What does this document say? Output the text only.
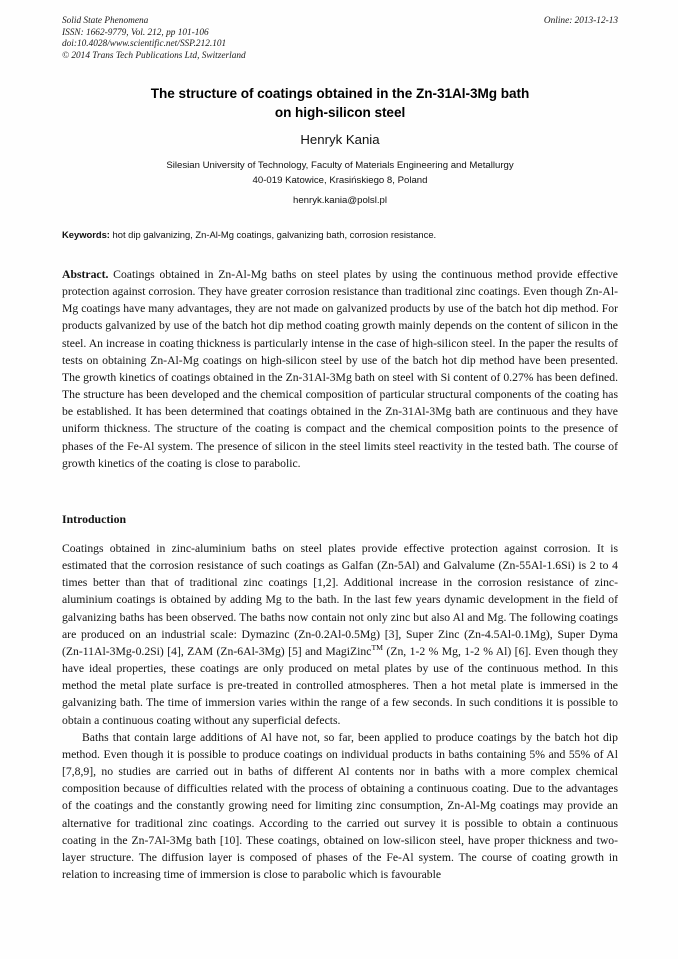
Solid State Phenomena	Online: 2013-12-13
ISSN: 1662-9779, Vol. 212, pp 101-106
doi:10.4028/www.scientific.net/SSP.212.101
© 2014 Trans Tech Publications Ltd, Switzerland
The structure of coatings obtained in the Zn-31Al-3Mg bath
on high-silicon steel
Henryk Kania
Silesian University of Technology, Faculty of Materials Engineering and Metallurgy
40-019 Katowice, Krasińskiego 8, Poland
henryk.kania@polsl.pl
Keywords: hot dip galvanizing, Zn-Al-Mg coatings, galvanizing bath, corrosion resistance.
Abstract. Coatings obtained in Zn-Al-Mg baths on steel plates by using the continuous method provide effective protection against corrosion. They have greater corrosion resistance than traditional zinc coatings. Even though Zn-Al-Mg coatings have many advantages, they are not made on galvanized products by use of the batch hot dip method. For products galvanized by use of the batch hot dip method coating growth mainly depends on the content of silicon in the steel. An increase in coating thickness is particularly intense in the case of high-silicon steel. In the paper the results of tests on obtaining Zn-Al-Mg coatings on high-silicon steel by use of the batch hot dip method have been presented. The growth kinetics of coatings obtained in the Zn-31Al-3Mg bath on steel with Si content of 0.27% has been defined. The structure has been developed and the chemical composition of particular structural components of the coating has be established. It has been determined that coatings obtained in the Zn-31Al-3Mg bath are continuous and they have uniform thickness. The structure of the coating is compact and the chemical composition points to the presence of phases of the Fe-Al system. The presence of silicon in the steel limits steel reactivity in the tested bath. The course of growth kinetics of the coating is close to parabolic.
Introduction

Coatings obtained in zinc-aluminium baths on steel plates provide effective protection against corrosion. It is estimated that the corrosion resistance of such coatings as Galfan (Zn-5Al) and Galvalume (Zn-55Al-1.6Si) is 2 to 4 times better than that of traditional zinc coatings [1,2]. Additional increase in the corrosion resistance of zinc-aluminium coatings is obtained by adding Mg to the bath. In the last few years dynamic development in the field of galvanizing baths has been observed. The baths now contain not only zinc but also Al and Mg. The following coatings are produced on an industrial scale: Dymazinc (Zn-0.2Al-0.5Mg) [3], Super Zinc (Zn-4.5Al-0.1Mg), Super Dyma (Zn-11Al-3Mg-0.2Si) [4], ZAM (Zn-6Al-3Mg) [5] and MagiZinc™ (Zn, 1-2 % Mg, 1-2 % Al) [6]. Even though they have ideal properties, these coatings are only produced on metal plates by use of the continuous method. In this method the metal plate surface is pre-treated in controlled atmospheres. Then a hot metal plate is immersed in the galvanizing bath. The time of immersion varies within the range of a few seconds. In such conditions it is possible to obtain a continuous coating without any superficial defects.

Baths that contain large additions of Al have not, so far, been applied to produce coatings by the batch hot dip method. Even though it is possible to produce coatings on individual products in baths containing 5% and 55% of Al [7,8,9], no studies are carried out in baths of different Al contents nor in baths with a more complex chemical composition because of difficulties related with the process of obtaining a continuous coating. Due to the advantages of the coatings and the constantly growing need for limiting zinc consumption, Zn-Al-Mg coatings may provide an alternative for traditional zinc coatings. According to the carried out survey it is possible to obtain a continuous coating in the Zn-7Al-3Mg bath [10]. These coatings, obtained on low-silicon steel, have proper thickness and two-layer structure. The diffusion layer is composed of phases of the Fe-Al system. The course of coating growth in relation to increasing time of immersion is close to parabolic which is favourable
